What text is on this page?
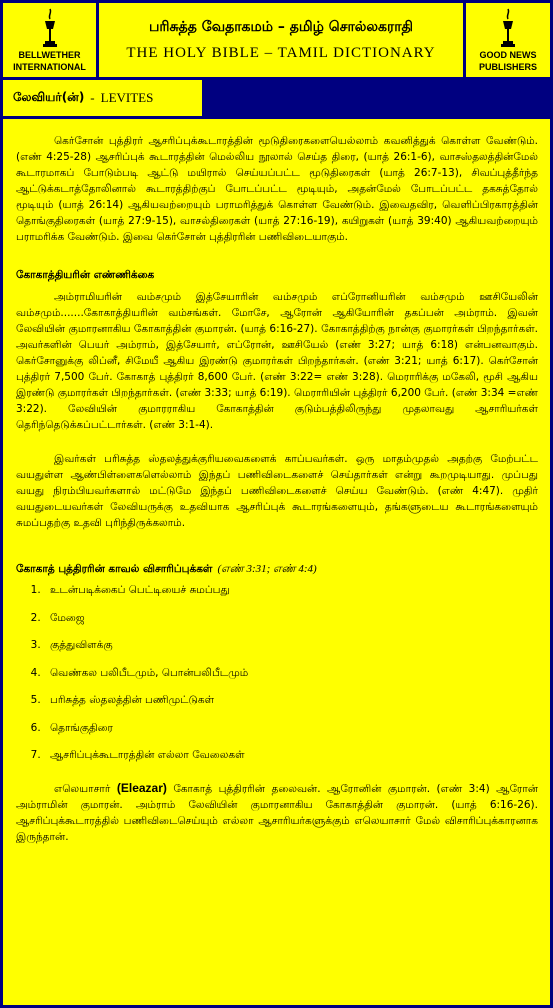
BELLWETHER
INTERNATIONAL
பரிசுத்த வேதாகமம் – தமிழ் சொல்லகராதி
THE HOLY BIBLE – TAMIL DICTIONARY	GOOD NEWS
PUBLISHERS
லேவியர்(ன்) - LEVITES

கெர்சோன் புத்திரர் ஆசரிப்புக்கூடாரத்தின் மூடுதிரைகளையெல்லாம் கவனித்துக் கொள்ள வேண்டும். (எண் 4:25-28) ஆசரிப்புக் கூடாரத்தின் மெல்லிய நூலால் செய்த திரை, (யாத் 26:1-6), வாசஸ்தலத்தின்மேல் கூடாரமாகப் போடும்படி ஆட்டு மயிரால் செய்யப்பட்ட மூடுதிரைகள் (யாத் 26:7-13), சிவப்புத்தீர்ந்த ஆட்டுக்கடாத்தோலினால் கூடாரத்திற்குப் போடப்பட்ட மூடியும், அதன்மேல் போடப்பட்ட தகசுத்தோல் மூடியும் (யாத் 26:14) ஆகியவற்றையும் பராமரித்துக் கொள்ள வேண்டும். இவைதவிர, வெளிப்பிரகாரத்தின் தொங்குதிரைகள் (யாத் 27:9-15), வாசல்திரைகள் (யாத் 27:16-19), கயிறுகள் (யாத் 39:40) ஆகியவற்றையும் பராமரிக்க வேண்டும். இவை கெர்சோன் புத்திரரின் பணிவிடையாகும்.

கோகாத்தியரின் எண்ணிக்கை

அம்ராமியரின் வம்சமும் இத்சேயாரின் வம்சமும் எப்ரோனியரின் வம்சமும் ஊசியேலின் வம்சமும்.......கோகாத்தியரின் வம்சங்கள். மோசே, ஆரோன் ஆகியோரின் தகப்பன் அம்ராம். இவன் லேவியின் குமாரனாகிய கோகாத்தின் குமாரன். (யாத் 6:16-27). கோகாத்திற்கு நான்கு குமாரர்கள் பிறந்தார்கள். அவர்களின் பெயர் அம்ராம், இத்சேயார், எப்ரோன், ஊசியேல் (எண் 3:27; யாத் 6:18) என்பனவாகும். கெர்சோனுக்கு லிப்னீ, சிமேயீ ஆகிய இரண்டு குமாரர்கள் பிறந்தார்கள். (எண் 3:21; யாத் 6:17). கெர்சோன் புத்திரர் 7,500 பேர். கோகாத் புத்திரர் 8,600 பேர். (எண் 3:22= எண் 3:28). மெராரிக்கு மகேலி, மூசி ஆகிய இரண்டு குமாரர்கள் பிறந்தார்கள். (எண் 3:33; யாத் 6:19). மெராரியின் புத்திரர் 6,200 பேர். (எண் 3:34 =எண் 3:22). லேவியின் குமாரராகிய கோகாத்தின் குடும்பத்திலிருந்து முதலாவது ஆசாரியர்கள் தெரிந்தெடுக்கப்பட்டார்கள். (எண் 3:1-4).

இவர்கள் பரிசுத்த ஸ்தலத்துக்குரியவைகளைக் காப்பவர்கள். ஒரு மாதம்முதல் அதற்கு மேற்பட்ட வயதுள்ள ஆண்பிள்ளைகளெல்லாம் இந்தப் பணிவிடைகளைச் செய்தார்கள் என்று கூறமுடியாது. முப்பது வயது நிரம்பியவர்களால் மட்டுமே இந்தப் பணிவிடைகளைச் செய்ய வேண்டும். (எண் 4:47). முதிர் வயதுடையவர்கள் லேவியருக்கு உதவியாக ஆசரிப்புக் கூடாரங்களையும், தங்களுடைய கூடாரங்களையும் சுமப்பதற்கு உதவி புரிந்திருக்கலாம்.

கோகாத் புத்திரரின் காவல் விசாரிப்புக்கள் (எண் 3:31; எண் 4:4)
1. உடன்படிக்கைப் பெட்டியைச் சுமப்பது
2. மேஜை
3. குத்துவிளக்கு
4. வெண்கல பலிபீடமும், பொன்பலிபீடமும்
5. பரிசுத்த ஸ்தலத்தின் பணிமுட்டுகள்
6. தொங்குதிரை
7. ஆசரிப்புக்கூடாரத்தின் எல்லா வேலைகள்

எலெயாசார் (Eleazar) கோகாத் புத்திரரின் தலைவன். ஆரோனின் குமாரன். (எண் 3:4) ஆரோன் அம்ராமின் குமாரன். அம்ராம் லேவியின் குமாரனாகிய கோகாத்தின் குமாரன். (யாத் 6:16-26). ஆசரிப்புக்கூடாரத்தில் பணிவிடைசெய்யும் எல்லா ஆசாரியர்களுக்கும் எலெயாசார் மேல் விசாரிப்புக்காரனாக இருந்தான்.
